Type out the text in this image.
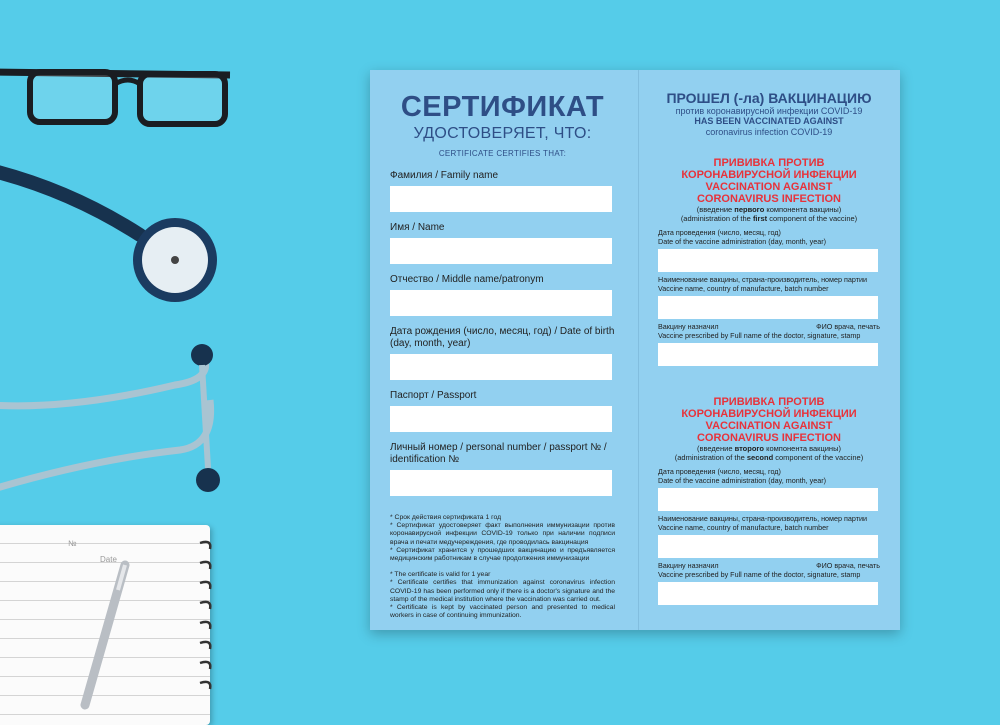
№
Date
СЕРТИФИКАТ
УДОСТОВЕРЯЕТ, ЧТО:
CERTIFICATE CERTIFIES THAT:
Фамилия / Family name
Имя / Name
Отчество / Middle name/patronym
Дата рождения (число, месяц, год) / Date of birth (day, month, year)
Паспорт / Passport
Личный номер / personal number / passport № / identification №

* Срок действия сертификата 1 год

* Сертификат удостоверяет факт выполнения иммунизации против коронавирусной инфекции COVID-19 только при наличии подписи врача и печати медучереждения, где проводилась вакцинация

* Сертификат хранится у прошедших вакцинацию и предъявляется медицинским работникам в случае продолжения иммунизации

* The certificate is valid for 1 year

* Certificate certifies that immunization against coronavirus infection COVID-19 has been performed only if there is a doctor's signature and the stamp of the medical institution where the vaccination was carried out.

* Certificate is kept by vaccinated person and presented to medical workers in case of continuing immunization.

ПРОШЕЛ (-ла) ВАКЦИНАЦИЮ
против коронавирусной инфекции COVID-19
HAS BEEN VACCINATED AGAINST
coronavirus infection COVID-19
ПРИВИВКА ПРОТИВ
КОРОНАВИРУСНОЙ ИНФЕКЦИИ
VACCINATION AGAINST
CORONAVIRUS INFECTION
(введение первого компонента вакцины)
(administration of the first component of the vaccine)
Дата проведения (число, месяц, год)
Date of the vaccine administration (day, month, year)
Наименование вакцины, страна-производитель, номер партии
Vaccine name, country of manufacture, batch number
Вакцину назначил	ФИО врача, печать
Vaccine prescribed by Full name of the doctor, signature, stamp
ПРИВИВКА ПРОТИВ
КОРОНАВИРУСНОЙ ИНФЕКЦИИ
VACCINATION AGAINST
CORONAVIRUS INFECTION
(введение второго компонента вакцины)
(administration of the second component of the vaccine)
Дата проведения (число, месяц, год)
Date of the vaccine administration (day, month, year)
Наименование вакцины, страна-производитель, номер партии
Vaccine name, country of manufacture, batch number
Вакцину назначил	ФИО врача, печать
Vaccine prescribed by Full name of the doctor, signature, stamp
